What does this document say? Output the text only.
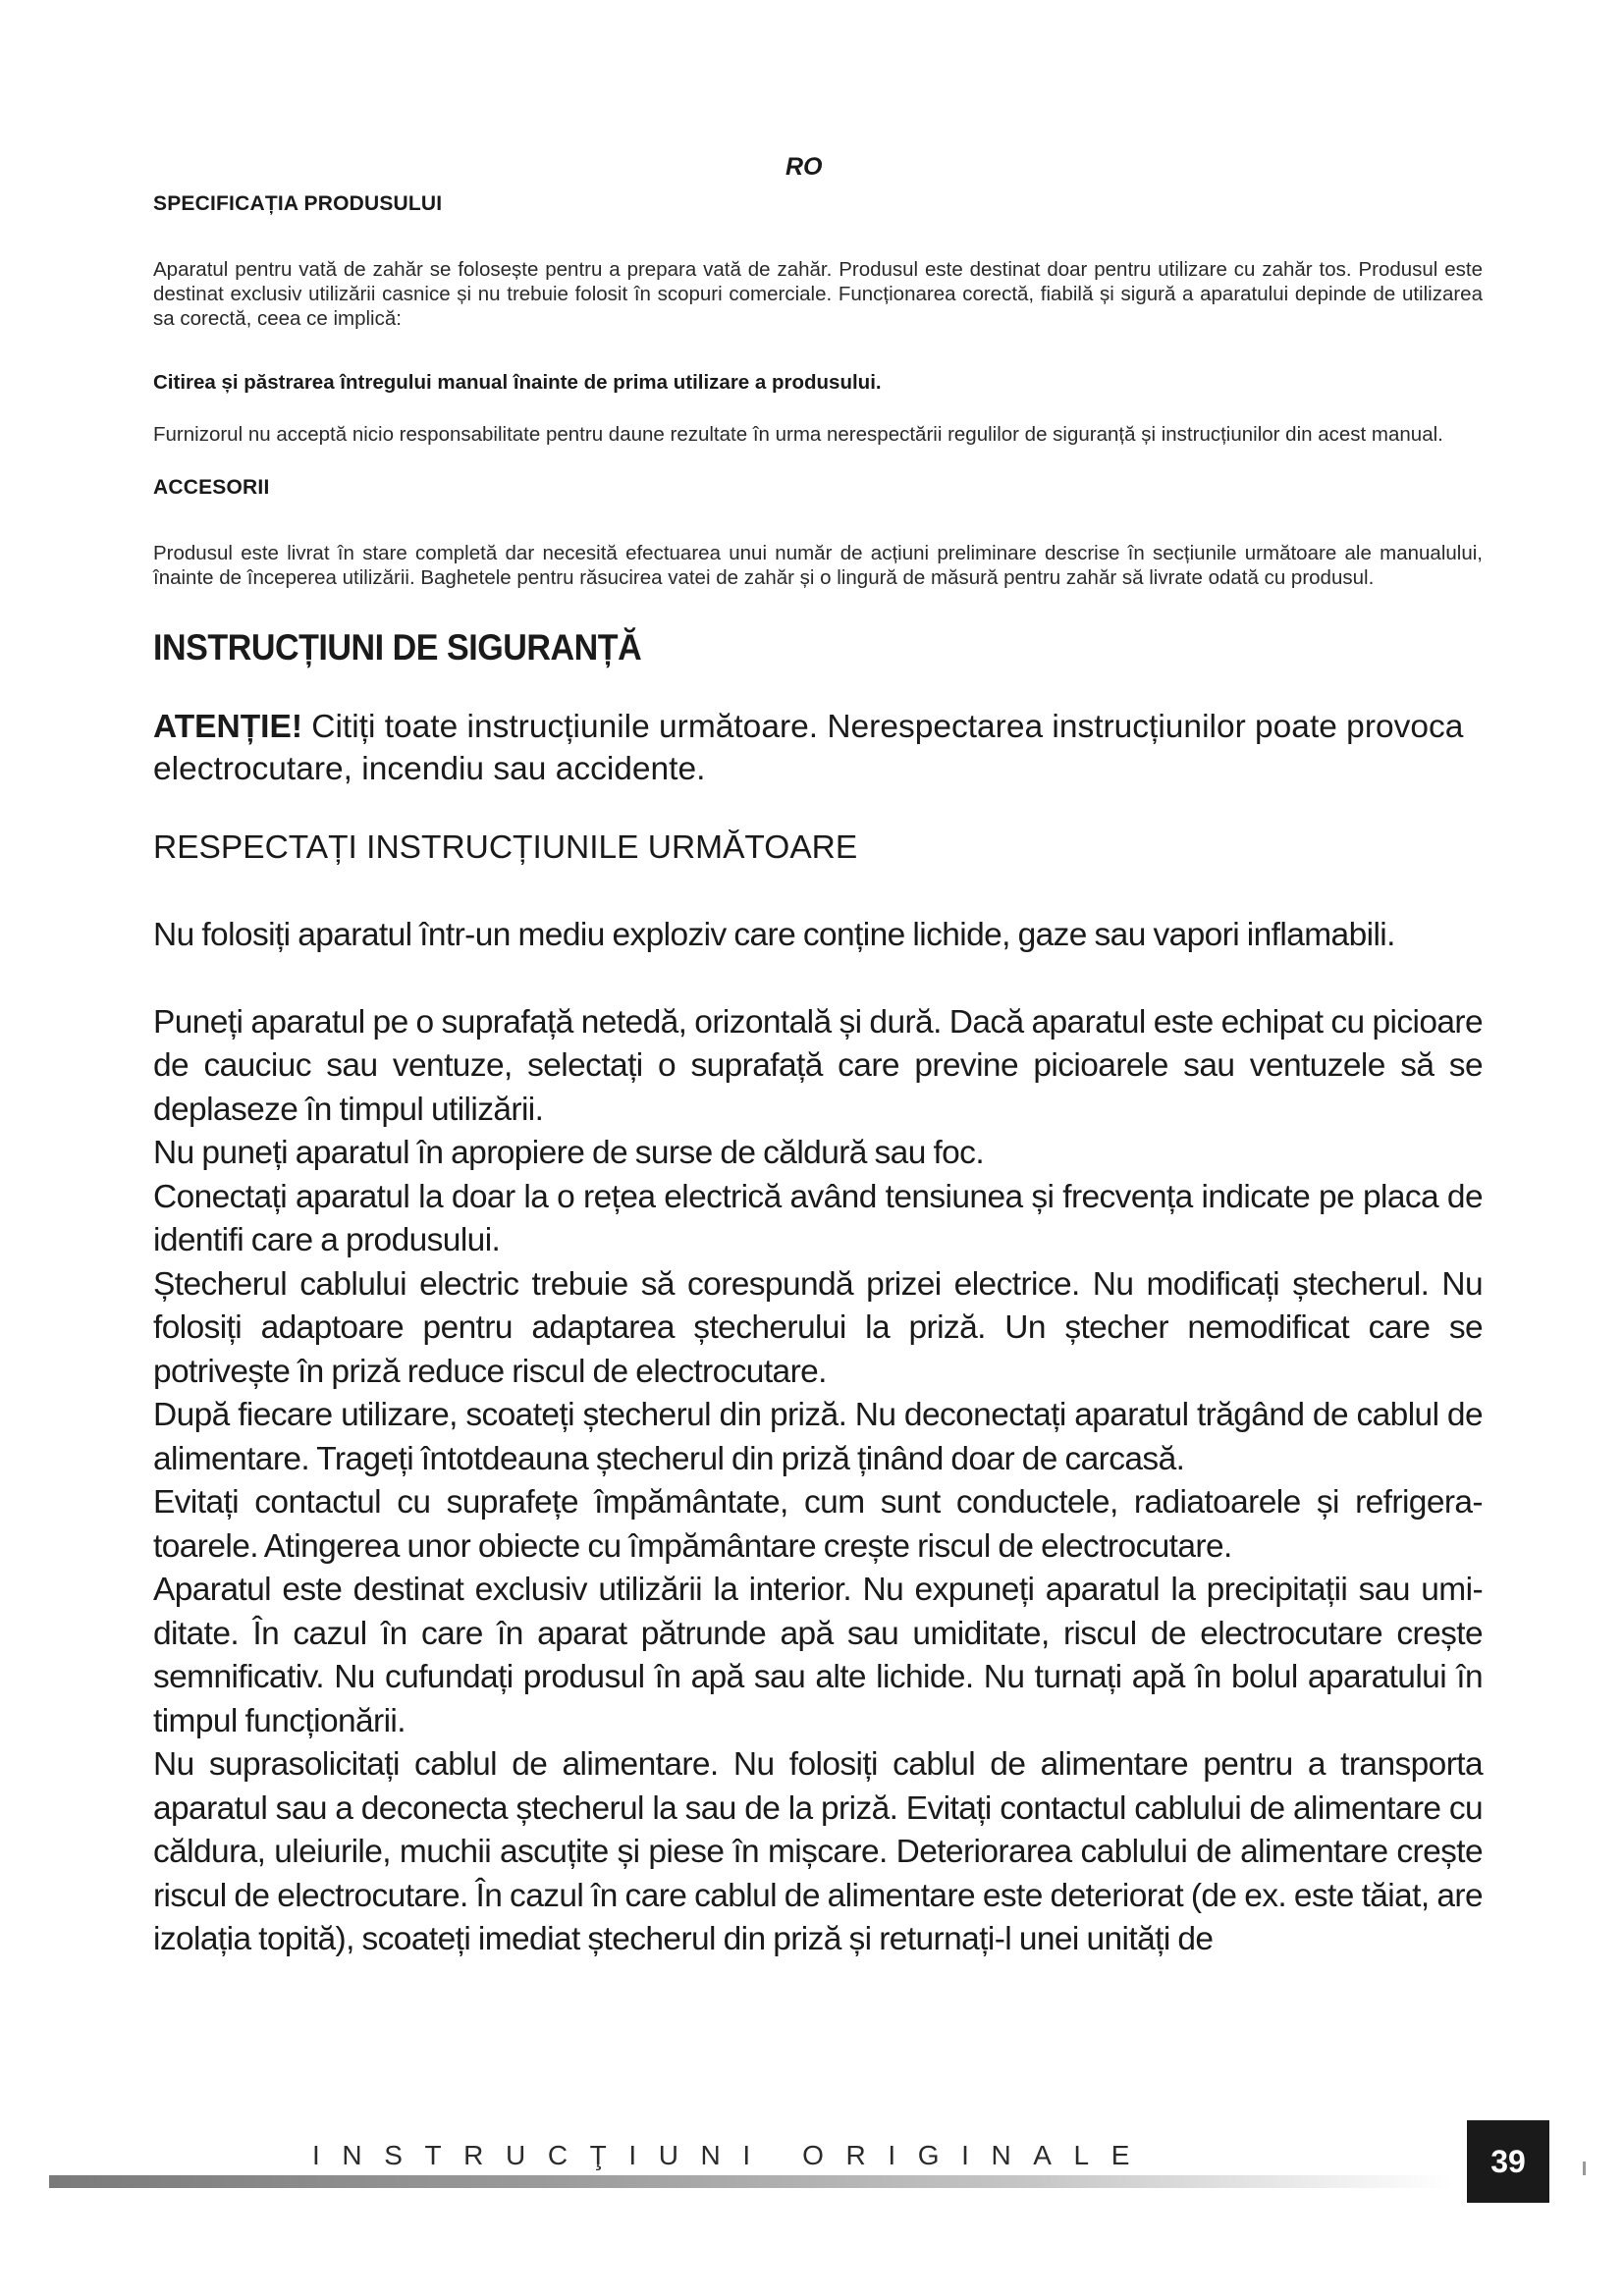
RO

SPECIFICAȚIA PRODUSULUI

Aparatul pentru vată de zahăr se folosește pentru a prepara vată de zahăr. Produsul este destinat doar pentru utilizare cu zahăr tos. Produsul este destinat exclusiv utilizării casnice și nu trebuie folosit în scopuri comerciale. Funcționarea corectă, fiabilă și sigură a aparatului depinde de utilizarea sa corectă, ceea ce implică:

Citirea și păstrarea întregului manual înainte de prima utilizare a produsului.

Furnizorul nu acceptă nicio responsabilitate pentru daune rezultate în urma nerespectării regulilor de siguranță și instrucțiunilor din acest manual.

ACCESORII

Produsul este livrat în stare completă dar necesită efectuarea unui număr de acțiuni preliminare descrise în secțiunile următoare ale manualului, înainte de începerea utilizării. Baghetele pentru răsucirea vatei de zahăr și o lingură de măsură pentru zahăr să livrate odată cu produsul.

INSTRUCȚIUNI DE SIGURANȚĂ

ATENȚIE! Citiți toate instrucțiunile următoare. Nerespectarea instrucțiunilor poate provoca electrocutare, incendiu sau accidente.

RESPECTAȚI INSTRUCȚIUNILE URMĂTOARE

Nu folosiți aparatul într-un mediu exploziv care conține lichide, gaze sau vapori inflamabili.

Puneți aparatul pe o suprafață netedă, orizontală și dură. Dacă aparatul este echipat cu picioare de cauciuc sau ventuze, selectați o suprafață care previne picioarele sau ventuzele să se deplaseze în timpul utilizării.

Nu puneți aparatul în apropiere de surse de căldură sau foc.

Conectați aparatul la doar la o rețea electrică având tensiunea și frecvența indicate pe placa de identifi care a produsului.

Ștecherul cablului electric trebuie să corespundă prizei electrice. Nu modificați ștecherul. Nu folosiți adaptoare pentru adaptarea ștecherului la priză. Un ștecher nemodificat care se potrivește în priză reduce riscul de electrocutare.

După fiecare utilizare, scoateți ștecherul din priză. Nu deconectați aparatul trăgând de cablul de alimentare. Trageți întotdeauna ștecherul din priză ținând doar de carcasă.

Evitați contactul cu suprafețe împământate, cum sunt conductele, radiatoarele și refrigera-toarele. Atingerea unor obiecte cu împământare crește riscul de electrocutare.

Aparatul este destinat exclusiv utilizării la interior. Nu expuneți aparatul la precipitații sau umi-ditate. În cazul în care în aparat pătrunde apă sau umiditate, riscul de electrocutare crește semnificativ. Nu cufundați produsul în apă sau alte lichide. Nu turnați apă în bolul aparatului în timpul funcționării.

Nu suprasolicitați cablul de alimentare. Nu folosiți cablul de alimentare pentru a transporta aparatul sau a deconecta ștecherul la sau de la priză. Evitați contactul cablului de alimentare cu căldura, uleiurile, muchii ascuțite și piese în mișcare. Deteriorarea cablului de alimentare crește riscul de electrocutare. În cazul în care cablul de alimentare este deteriorat (de ex. este tăiat, are izolația topită), scoateți imediat ștecherul din priză și returnați-l unei unități de

INSTRUCŢIUNI ORIGINALE	39
